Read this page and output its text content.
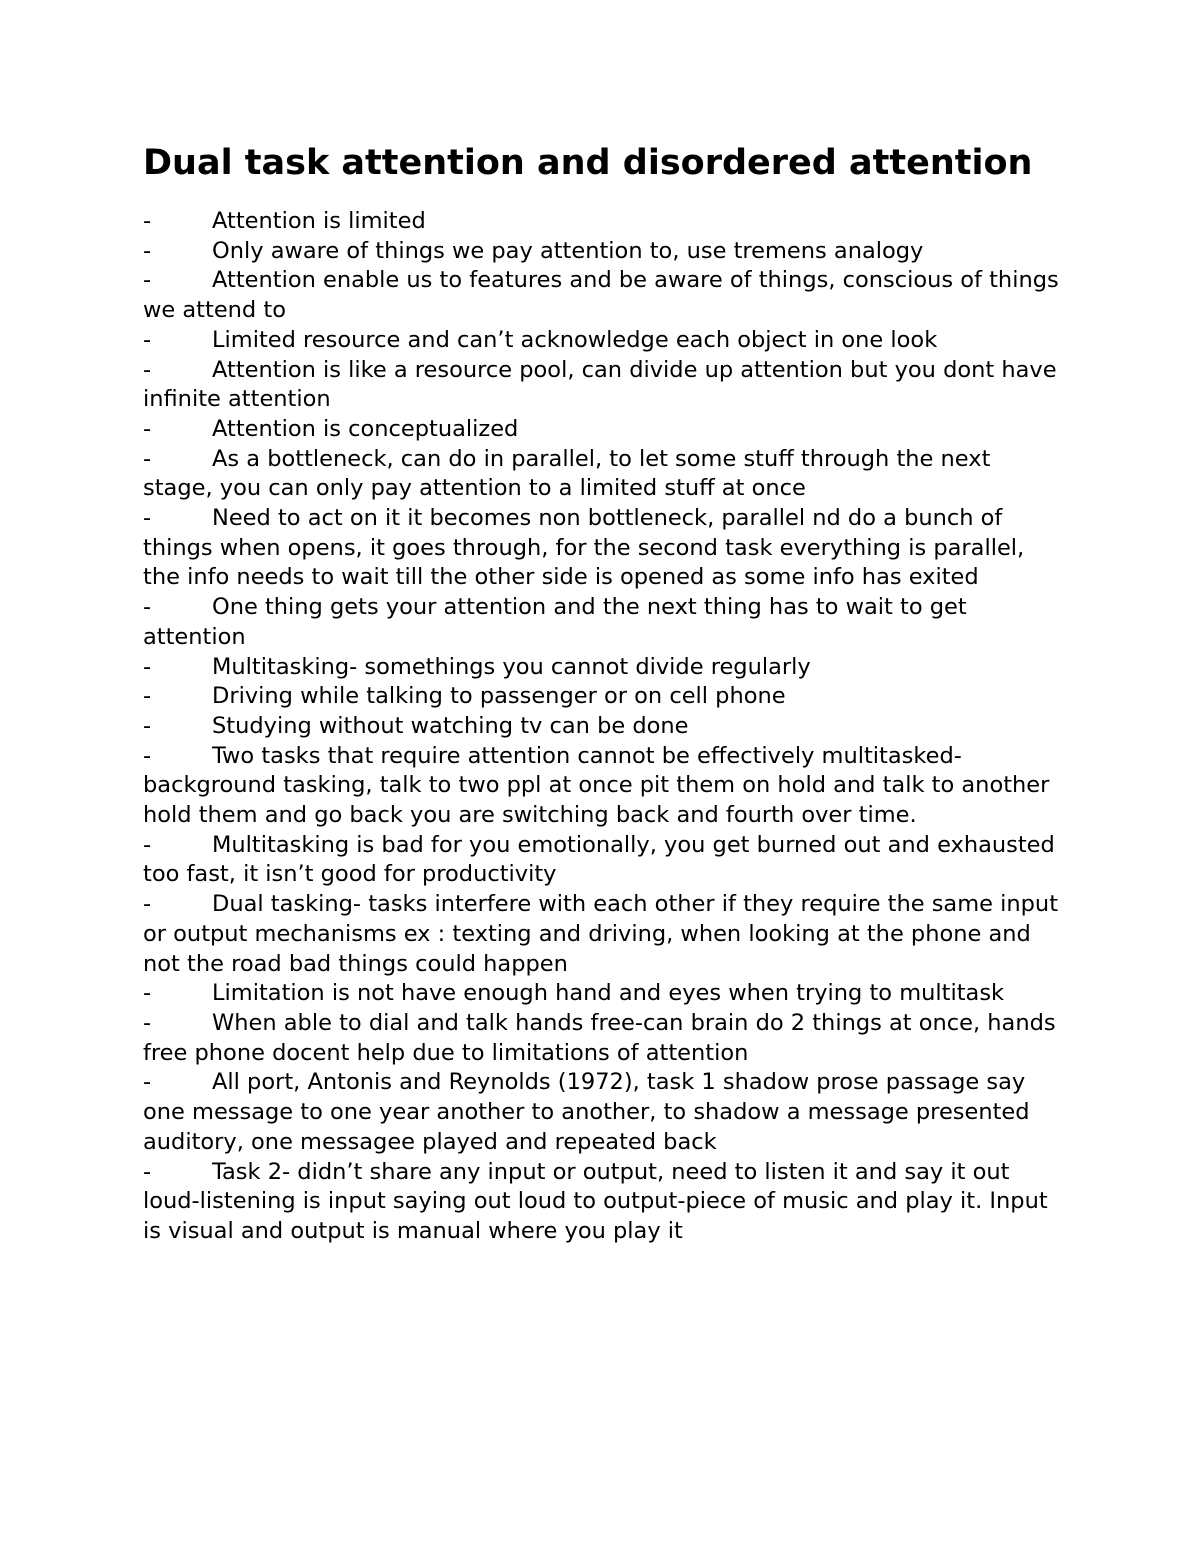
Dual task attention and disordered attention
-	Attention is limited
-	Only aware of things we pay attention to, use tremens analogy
-	Attention enable us to features and be aware of things, conscious of things we attend to
-	Limited resource and can’t acknowledge each object in one look
-	Attention is like a resource pool, can divide up attention but you dont have infinite attention
-	Attention is conceptualized
-	As a bottleneck, can do in parallel, to let some stuff through the next stage, you can only pay attention to a limited stuff at once
-	Need to act on it it becomes non bottleneck, parallel nd do a bunch of things when opens, it goes through, for the second task everything is parallel, the info needs to wait till the other side is opened as some info has exited
-	One thing gets your attention and the next thing has to wait to get attention
-	Multitasking- somethings you cannot divide regularly
-	Driving while talking to passenger or on cell phone
-	Studying without watching tv can be done
-	Two tasks that require attention cannot be effectively multitasked- background tasking, talk to two ppl at once pit them on hold and talk to another hold them and go back you are switching back and fourth over time.
-	Multitasking is bad for you emotionally, you get burned out and exhausted too fast, it isn’t good for productivity
-	Dual tasking- tasks interfere with each other if they require the same input or output mechanisms ex : texting and driving, when looking at the phone and not the road bad things could happen
-	Limitation is not have enough hand and eyes when trying to multitask
-	When able to dial and talk hands free-can brain do 2 things at once, hands free phone docent help due to limitations of attention
-	All port, Antonis and Reynolds (1972), task 1 shadow prose passage say one message to one year another to another, to shadow a message presented auditory, one messagee played and repeated back
-	Task 2- didn’t share any input or output, need to listen it and say it out loud-listening is input saying out loud to output-piece of music and play it. Input is visual and output is manual where you play it
